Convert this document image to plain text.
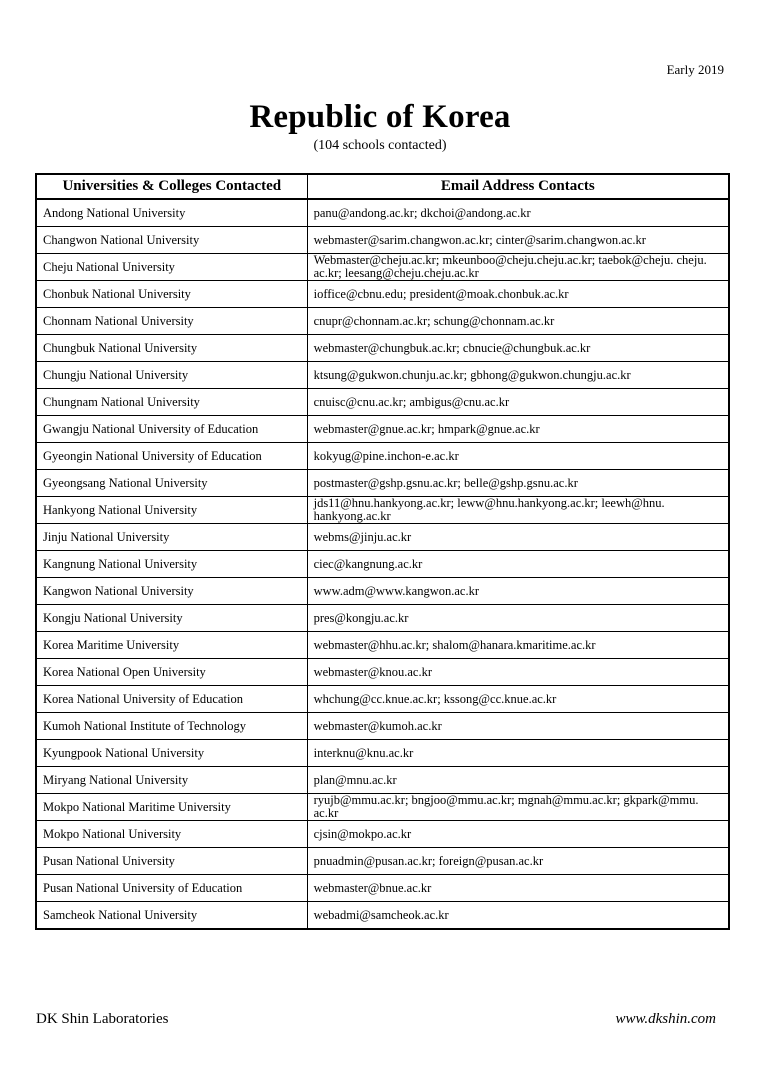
Early 2019
Republic of Korea
(104 schools contacted)
Universities & Colleges Contacted	Email Address Contacts
Andong National University	panu@andong.ac.kr; dkchoi@andong.ac.kr
Changwon National University	webmaster@sarim.changwon.ac.kr; cinter@sarim.changwon.ac.kr
Cheju National University	Webmaster@cheju.ac.kr; mkeunboo@cheju.cheju.ac.kr; taebok@cheju. cheju. ac.kr; leesang@cheju.cheju.ac.kr
Chonbuk National University	ioffice@cbnu.edu; president@moak.chonbuk.ac.kr
Chonnam National University	cnupr@chonnam.ac.kr; schung@chonnam.ac.kr
Chungbuk National University	webmaster@chungbuk.ac.kr; cbnucie@chungbuk.ac.kr
Chungju National University	ktsung@gukwon.chunju.ac.kr; gbhong@gukwon.chungju.ac.kr
Chungnam National University	cnuisc@cnu.ac.kr; ambigus@cnu.ac.kr
Gwangju National University of Education	webmaster@gnue.ac.kr; hmpark@gnue.ac.kr
Gyeongin National University of Education	kokyug@pine.inchon-e.ac.kr
Gyeongsang National University	postmaster@gshp.gsnu.ac.kr; belle@gshp.gsnu.ac.kr
Hankyong National University	jds11@hnu.hankyong.ac.kr; leww@hnu.hankyong.ac.kr; leewh@hnu. hankyong.ac.kr
Jinju National University	webms@jinju.ac.kr
Kangnung National University	ciec@kangnung.ac.kr
Kangwon National University	www.adm@www.kangwon.ac.kr
Kongju National University	pres@kongju.ac.kr
Korea Maritime University	webmaster@hhu.ac.kr; shalom@hanara.kmaritime.ac.kr
Korea National Open University	webmaster@knou.ac.kr
Korea National University of Education	whchung@cc.knue.ac.kr; kssong@cc.knue.ac.kr
Kumoh National Institute of Technology	webmaster@kumoh.ac.kr
Kyungpook National University	interknu@knu.ac.kr
Miryang National University	plan@mnu.ac.kr
Mokpo National Maritime University	ryujb@mmu.ac.kr; bngjoo@mmu.ac.kr; mgnah@mmu.ac.kr; gkpark@mmu. ac.kr
Mokpo National University	cjsin@mokpo.ac.kr
Pusan National University	pnuadmin@pusan.ac.kr; foreign@pusan.ac.kr
Pusan National University of Education	webmaster@bnue.ac.kr
Samcheok National University	webadmi@samcheok.ac.kr
DK Shin Laboratories	www.dkshin.com
